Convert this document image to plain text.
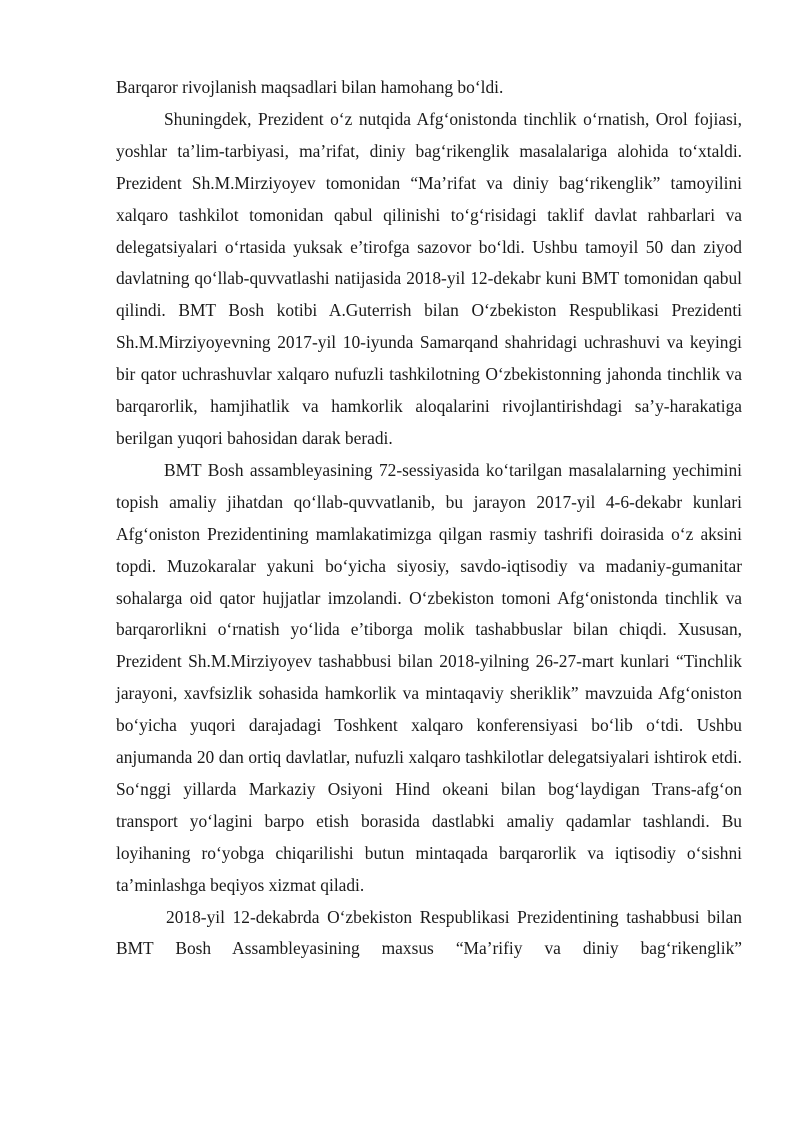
Barqaror rivojlanish maqsadlari bilan hamohang bo‘ldi.

Shuningdek, Prezident o‘z nutqida Afg‘onistonda tinchlik o‘rnatish, Orol fojiasi, yoshlar ta’lim-tarbiyasi, ma’rifat, diniy bag‘rikenglik masalalariga alohida to‘xtaldi. Prezident Sh.M.Mirziyoyev tomonidan “Ma’rifat va diniy bag‘rikenglik” tamoyilini xalqaro tashkilot tomonidan qabul qilinishi to‘g‘risidagi taklif davlat rahbarlari va delegatsiyalari o‘rtasida yuksak e’tirofga sazovor bo‘ldi. Ushbu tamoyil 50 dan ziyod davlatning qo‘llab-quvvatlashi natijasida 2018-yil 12-dekabr kuni BMT tomonidan qabul qilindi. BMT Bosh kotibi A.Guterrish bilan O‘zbekiston Respublikasi Prezidenti Sh.M.Mirziyoyevning 2017-yil 10-iyunda Samarqand shahridagi uchrashuvi va keyingi bir qator uchrashuvlar xalqaro nufuzli tashkilotning O‘zbekistonning jahonda tinchlik va barqarorlik, hamjihatlik va hamkorlik aloqalarini rivojlantirishdagi sa’y-harakatiga berilgan yuqori bahosidan darak beradi.

BMT Bosh assambleyasining 72-sessiyasida ko‘tarilgan masalalarning yechimini topish amaliy jihatdan qo‘llab-quvvatlanib, bu jarayon 2017-yil 4-6-dekabr kunlari Afg‘oniston Prezidentining mamlakatimizga qilgan rasmiy tashrifi doirasida o‘z aksini topdi. Muzokaralar yakuni bo‘yicha siyosiy, savdo-iqtisodiy va madaniy-gumanitar sohalarga oid qator hujjatlar imzolandi. O‘zbekiston tomoni Afg‘onistonda tinchlik va barqarorlikni o‘rnatish yo‘lida e’tiborga molik tashabbuslar bilan chiqdi. Xususan, Prezident Sh.M.Mirziyoyev tashabbusi bilan 2018-yilning 26-27-mart kunlari “Tinchlik jarayoni, xavfsizlik sohasida hamkorlik va mintaqaviy sheriklik” mavzuida Afg‘oniston bo‘yicha yuqori darajadagi Toshkent xalqaro konferensiyasi bo‘lib o‘tdi. Ushbu anjumanda 20 dan ortiq davlatlar, nufuzli xalqaro tashkilotlar delegatsiyalari ishtirok etdi. So‘nggi yillarda Markaziy Osiyoni Hind okeani bilan bog‘laydigan Trans-afg‘on transport yo‘lagini barpo etish borasida dastlabki amaliy qadamlar tashlandi. Bu loyihaning ro‘yobga chiqarilishi butun mintaqada barqarorlik va iqtisodiy o‘sishni ta’minlashga beqiyos xizmat qiladi.

2018-yil 12-dekabrda O‘zbekiston Respublikasi Prezidentining tashabbusi bilan BMT Bosh Assambleyasining maxsus “Ma’rifiy va diniy bag‘rikenglik”
